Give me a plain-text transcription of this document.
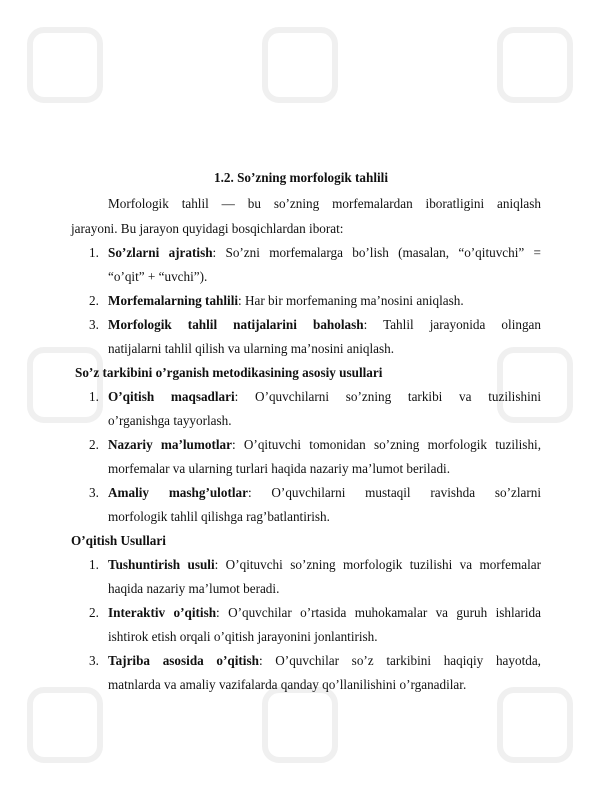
1.2. So’zning morfologik tahlili
Morfologik tahlil — bu so’zning morfemalardan iboratligini aniqlash
jarayoni. Bu jarayon quyidagi bosqichlardan iborat:
1. So’zlarni ajratish: So’zni morfemalarga bo’lish (masalan, “o’qituvchi” =
“o’qit” + “uvchi”).
2. Morfemalarning tahlili: Har bir morfemaning ma’nosini aniqlash.
3. Morfologik tahlil natijalarini baholash: Tahlil jarayonida olingan
natijalarni tahlil qilish va ularning ma’nosini aniqlash.
So’z tarkibini o’rganish metodikasining asosiy usullari
1. O’qitish maqsadlari: O’quvchilarni so’zning tarkibi va tuzilishini
o’rganishga tayyorlash.
2. Nazariy ma’lumotlar: O’qituvchi tomonidan so’zning morfologik tuzilishi,
morfemalar va ularning turlari haqida nazariy ma’lumot beriladi.
3. Amaliy mashg’ulotlar: O’quvchilarni mustaqil ravishda so’zlarni
morfologik tahlil qilishga rag’batlantirish.
O’qitish Usullari
1. Tushuntirish usuli: O’qituvchi so’zning morfologik tuzilishi va morfemalar
haqida nazariy ma’lumot beradi.
2. Interaktiv o’qitish: O’quvchilar o’rtasida muhokamalar va guruh ishlarida
ishtirok etish orqali o’qitish jarayonini jonlantirish.
3. Tajriba asosida o’qitish: O’quvchilar so’z tarkibini haqiqiy hayotda,
matnlarda va amaliy vazifalarda qanday qo’llanilishini o’rganadilar.
